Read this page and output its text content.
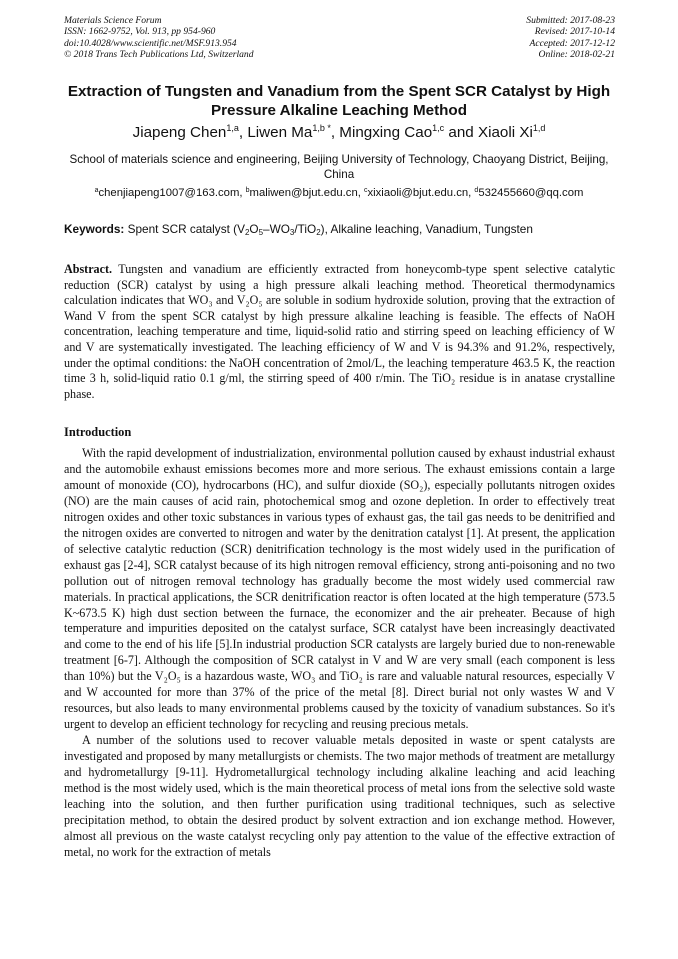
Materials Science Forum
ISSN: 1662-9752, Vol. 913, pp 954-960
doi:10.4028/www.scientific.net/MSF.913.954
© 2018 Trans Tech Publications Ltd, Switzerland
Submitted: 2017-08-23
Revised: 2017-10-14
Accepted: 2017-12-12
Online: 2018-02-21
Extraction of Tungsten and Vanadium from the Spent SCR Catalyst by High Pressure Alkaline Leaching Method
Jiapeng Chen$^{1,a}$, Liwen $Ma^{1,b *}$, Mingxing Cao$^{1,c}$ and Xiaoli Xi$^{1,d}$
School of materials science and engineering, Beijing University of Technology, Chaoyang District, Beijing, China
$^a$chenjiapeng1007@163.com, $^b$maliwen@bjut.edu.cn, $^c$xixiaoli@bjut.edu.cn, $^d$532455660@qq.com
Keywords: Spent SCR catalyst $(V_2O_5-WO_3/TiO_2)$, Alkaline leaching, Vanadium, Tungsten
Abstract. Tungsten and vanadium are efficiently extracted from honeycomb-type spent selective catalytic reduction (SCR) catalyst by using a high pressure alkali leaching method. Theoretical thermodynamics calculation indicates that WO₃ and V₂O₅ are soluble in sodium hydroxide solution, proving that the extraction of Wand V from the spent SCR catalyst by high pressure alkaline leaching is feasible. The effects of NaOH concentration, leaching temperature and time, liquid-solid ratio and stirring speed on leaching efficiency of W and V are systematically investigated. The leaching efficiency of W and V is 94.3% and 91.2%, respectively, under the optimal conditions: the NaOH concentration of 2mol/L, the leaching temperature 463.5 K, the reaction time 3 h, solid-liquid ratio 0.1 g/ml, the stirring speed of 400 r/min. The TiO₂ residue is in anatase crystalline phase.
Introduction

With the rapid development of industrialization, environmental pollution caused by exhaust industrial exhaust and the automobile exhaust emissions becomes more and more serious. The exhaust emissions contain a large amount of monoxide (CO), hydrocarbons (HC), and sulfur dioxide (SO₂), especially pollutants nitrogen oxides (NO) are the main causes of acid rain, photochemical smog and ozone depletion. In order to effectively treat nitrogen oxides and other toxic substances in various types of exhaust gas, the tail gas needs to be denitrified and the nitrogen oxides are converted to nitrogen and water by the denitration catalyst [1]. At present, the application of selective catalytic reduction (SCR) denitrification technology is the most widely used in the purification of exhaust gas [2-4], SCR catalyst because of its high nitrogen removal efficiency, strong anti-poisoning and no two pollution out of nitrogen removal technology has gradually become the most widely used commercial raw materials. In practical applications, the SCR denitrification reactor is often located at the high temperature (573.5 K~673.5 K) high dust section between the furnace, the economizer and the air preheater. Because of high temperature and impurities deposited on the catalyst surface, SCR catalyst have been increasingly deactivated and come to the end of his life [5].In industrial production SCR catalysts are largely buried due to non-renewable treatment [6-7]. Although the composition of SCR catalyst in V and W are very small (each component is less than 10%) but the V₂O₅ is a hazardous waste, WO₃ and TiO₂ is rare and valuable natural resources, especially V and W accounted for more than 37% of the price of the metal [8]. Direct burial not only wastes W and V resources, but also leads to many environmental problems caused by the toxicity of vanadium substances. So it's urgent to develop an efficient technology for recycling and reusing precious metals.

A number of the solutions used to recover valuable metals deposited in waste or spent catalysts are investigated and proposed by many metallurgists or chemists. The two major methods of treatment are metallurgy and hydrometallurgy [9-11]. Hydrometallurgical technology including alkaline leaching and acid leaching method is the most widely used, which is the main theoretical process of metal ions from the selective sold waste leaching into the solution, and then further purification using traditional techniques, such as selective precipitation method, to obtain the desired product by solvent extraction and ion exchange method. However, almost all previous on the waste catalyst recycling only pay attention to the value of the effective extraction of metal, no work for the extraction of metals
